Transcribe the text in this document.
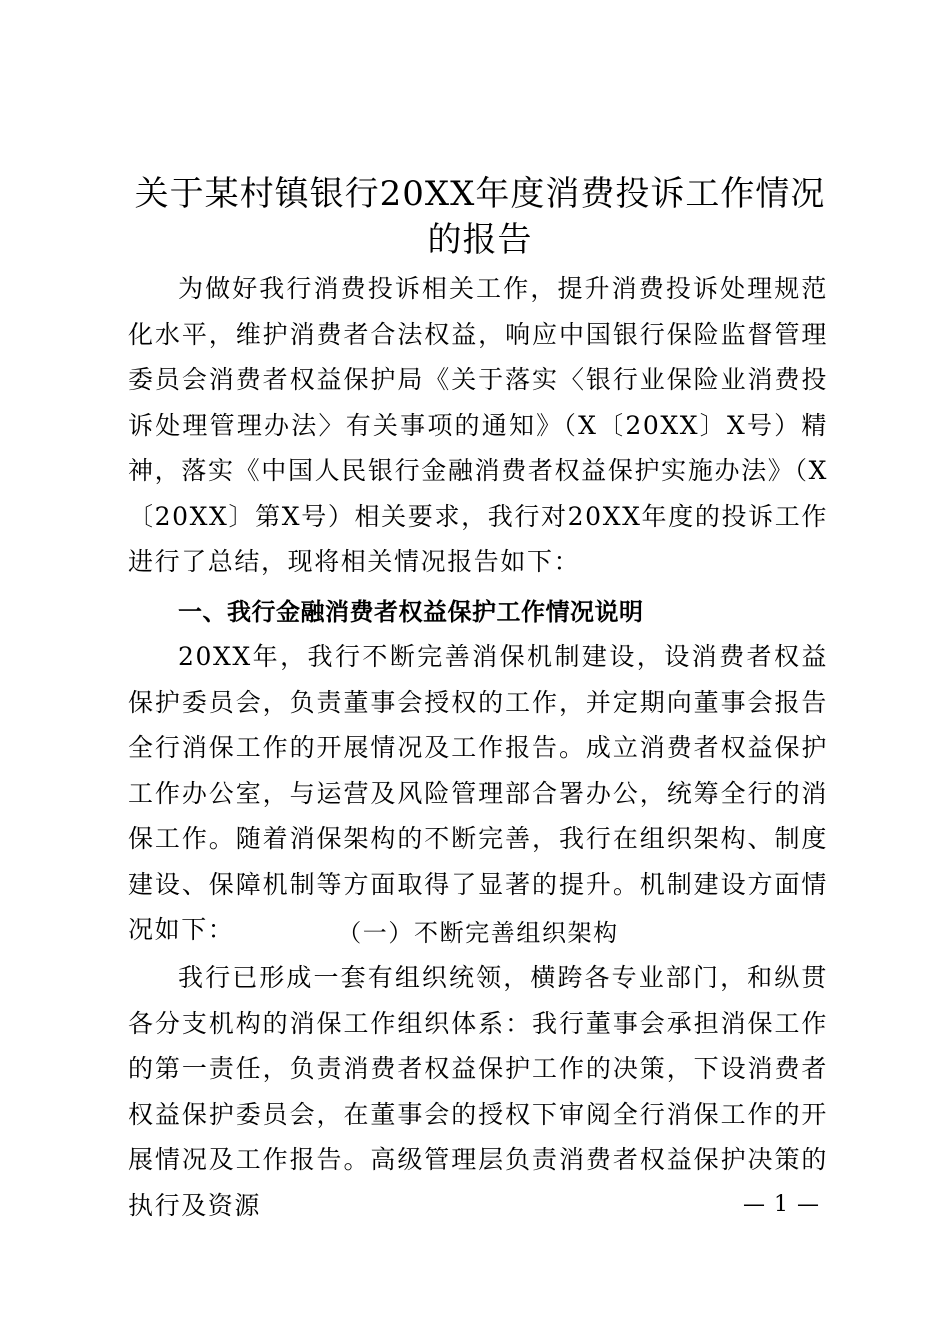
关于某村镇银行20XX年度消费投诉工作情况
的报告

为做好我行消费投诉相关工作，提升消费投诉处理规范化水平，维护消费者合法权益，响应中国银行保险监督管理委员会消费者权益保护局《关于落实〈银行业保险业消费投诉处理管理办法〉有关事项的通知》（X〔20XX〕X号）精神，落实《中国人民银行金融消费者权益保护实施办法》（X〔20XX〕第X号）相关要求，我行对20XX年度的投诉工作进行了总结，现将相关情况报告如下：

一、我行金融消费者权益保护工作情况说明

20XX年，我行不断完善消保机制建设，设消费者权益保护委员会，负责董事会授权的工作，并定期向董事会报告全行消保工作的开展情况及工作报告。成立消费者权益保护工作办公室，与运营及风险管理部合署办公，统筹全行的消保工作。随着消保架构的不断完善，我行在组织架构、制度建设、保障机制等方面取得了显著的提升。机制建设方面情况如下：	（一）不断完善组织架构

我行已形成一套有组织统领，横跨各专业部门，和纵贯各分支机构的消保工作组织体系：我行董事会承担消保工作的第一责任，负责消费者权益保护工作的决策，下设消费者权益保护委员会，在董事会的授权下审阅全行消保工作的开展情况及工作报告。高级管理层负责消费者权益保护决策的执行及资源	— 1 —
